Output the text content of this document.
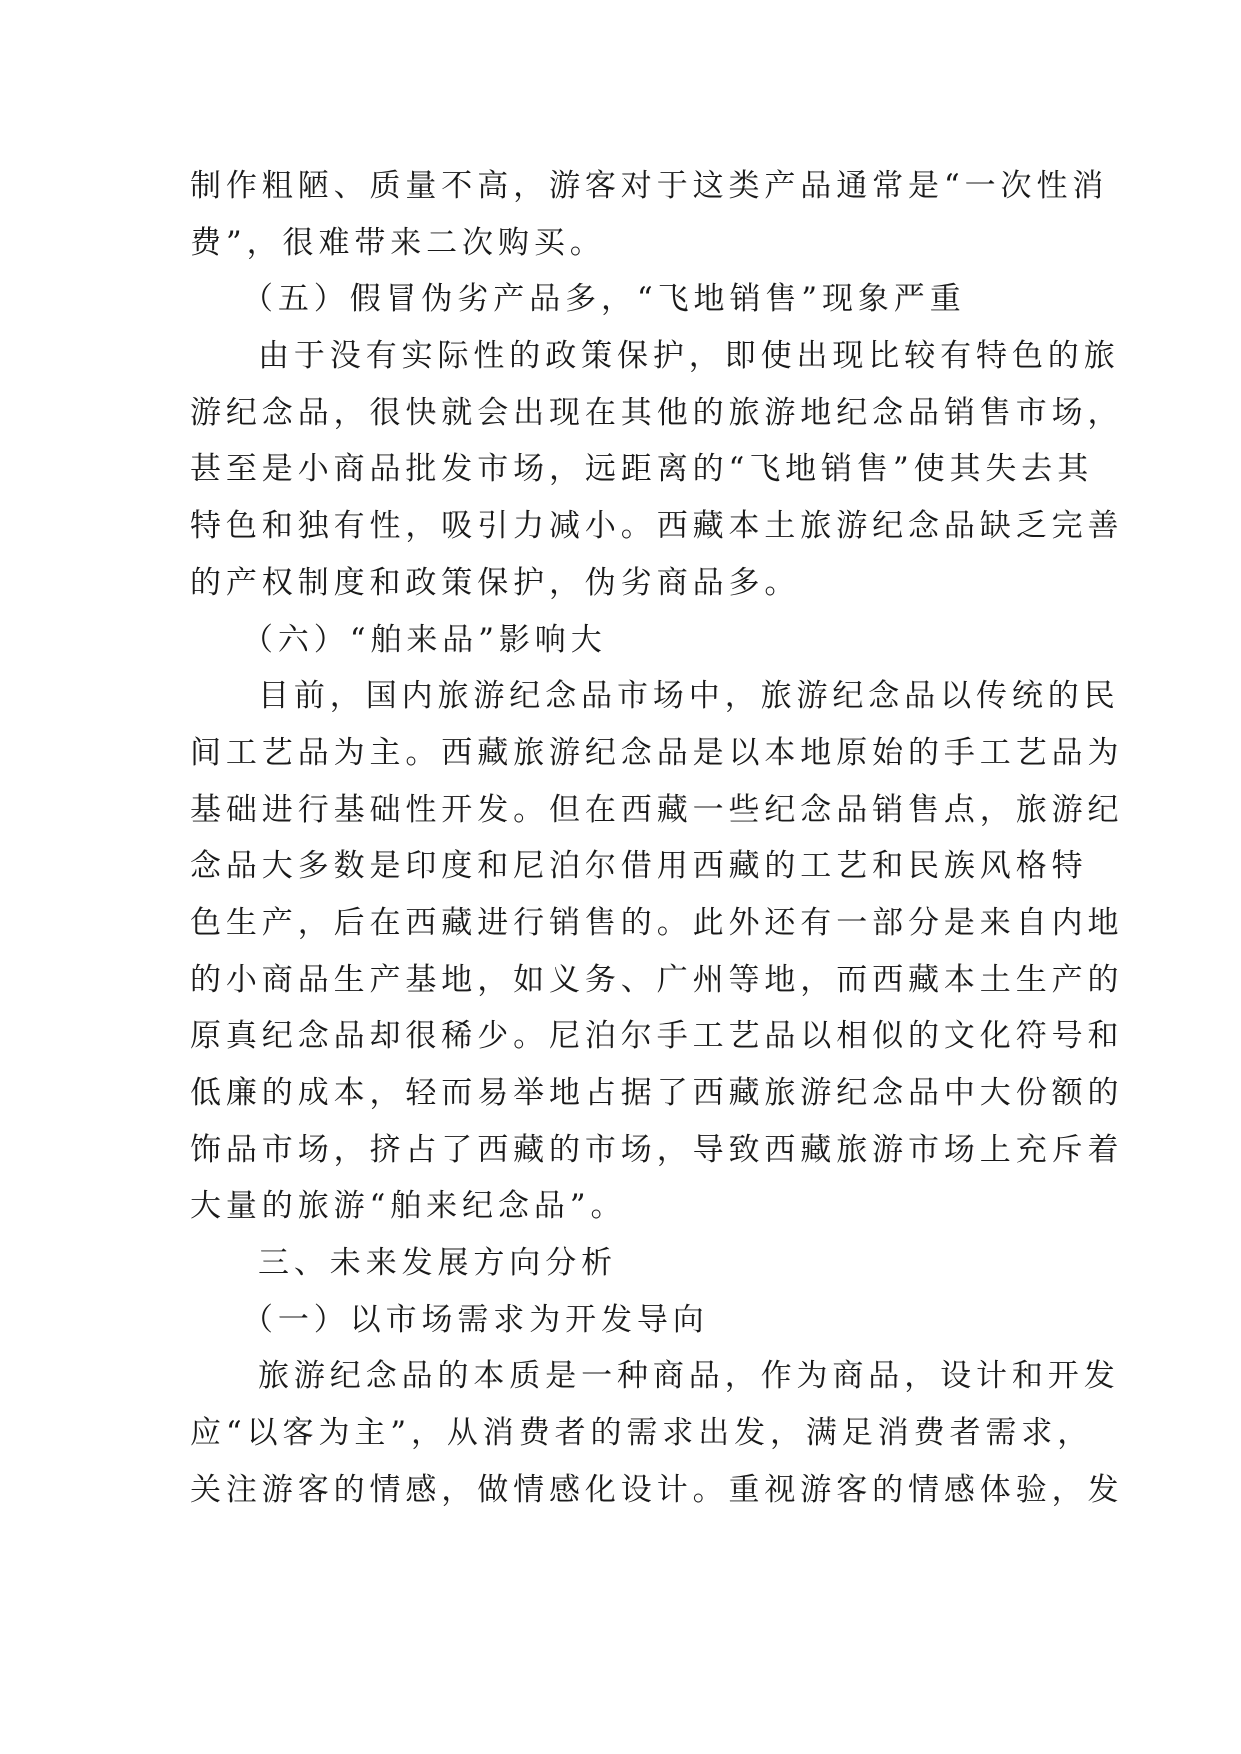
制作粗陋、质量不高，游客对于这类产品通常是“一次性消
费”，很难带来二次购买。
（五）假冒伪劣产品多，“飞地销售”现象严重
由于没有实际性的政策保护，即使出现比较有特色的旅
游纪念品，很快就会出现在其他的旅游地纪念品销售市场，
甚至是小商品批发市场，远距离的“飞地销售”使其失去其
特色和独有性，吸引力减小。西藏本土旅游纪念品缺乏完善
的产权制度和政策保护，伪劣商品多。
（六）“舶来品”影响大
目前，国内旅游纪念品市场中，旅游纪念品以传统的民
间工艺品为主。西藏旅游纪念品是以本地原始的手工艺品为
基础进行基础性开发。但在西藏一些纪念品销售点，旅游纪
念品大多数是印度和尼泊尔借用西藏的工艺和民族风格特
色生产，后在西藏进行销售的。此外还有一部分是来自内地
的小商品生产基地，如义务、广州等地，而西藏本土生产的
原真纪念品却很稀少。尼泊尔手工艺品以相似的文化符号和
低廉的成本，轻而易举地占据了西藏旅游纪念品中大份额的
饰品市场，挤占了西藏的市场，导致西藏旅游市场上充斥着
大量的旅游“舶来纪念品”。
三、未来发展方向分析
（一）以市场需求为开发导向
旅游纪念品的本质是一种商品，作为商品，设计和开发
应“以客为主”，从消费者的需求出发，满足消费者需求，
关注游客的情感，做情感化设计。重视游客的情感体验，发
